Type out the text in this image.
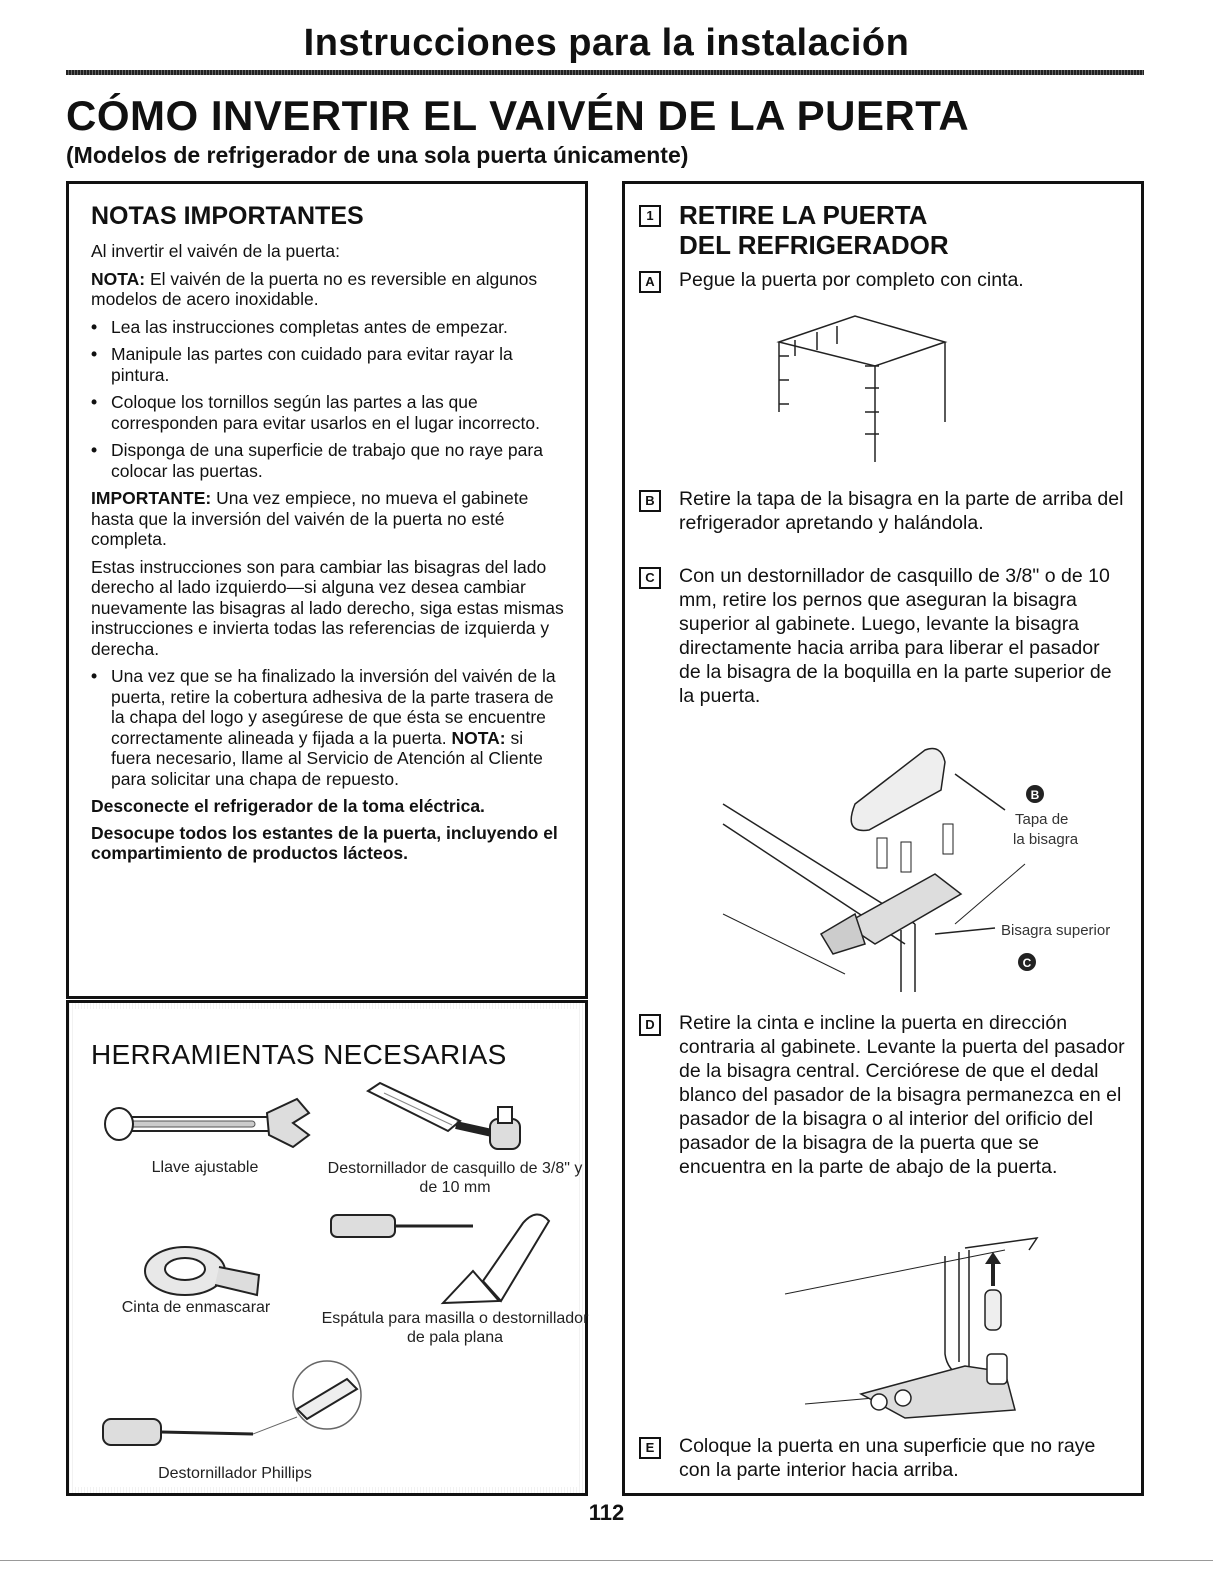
Instrucciones para la instalación
CÓMO INVERTIR EL VAIVÉN DE LA PUERTA
(Modelos de refrigerador de una sola puerta únicamente)
NOTAS IMPORTANTES

Al invertir el vaivén de la puerta:

NOTA: El vaivén de la puerta no es reversible en algunos modelos de acero inoxidable.

• Lea las instrucciones completas antes de empezar.
• Manipule las partes con cuidado para evitar rayar la pintura.
• Coloque los tornillos según las partes a las que corresponden para evitar usarlos en el lugar incorrecto.
• Disponga de una superficie de trabajo que no raye para colocar las puertas.

IMPORTANTE: Una vez empiece, no mueva el gabinete hasta que la inversión del vaivén de la puerta no esté completa.

Estas instrucciones son para cambiar las bisagras del lado derecho al lado izquierdo—si alguna vez desea cambiar nuevamente las bisagras al lado derecho, siga estas mismas instrucciones e invierta todas las referencias de izquierda y derecha.

• Una vez que se ha finalizado la inversión del vaivén de la puerta, retire la cobertura adhesiva de la parte trasera de la chapa del logo y asegúrese de que ésta se encuentre correctamente alineada y fijada a la puerta. NOTA: si fuera necesario, llame al Servicio de Atención al Cliente para solicitar una chapa de repuesto.

Desconecte el refrigerador de la toma eléctrica.

Desocupe todos los estantes de la puerta, incluyendo el compartimiento de productos lácteos.

HERRAMIENTAS NECESARIAS
Llave ajustable	Destornillador de casquillo de 3/8" y de 10 mm
Cinta de enmascarar
Espátula para masilla o destornillador de pala plana
Destornillador Phillips
1 RETIRE LA PUERTA
DEL REFRIGERADOR
A	Pegue la puerta por completo con cinta.
B	Retire la tapa de la bisagra en la parte de arriba del refrigerador apretando y halándola.
C	Con un destornillador de casquillo de 3/8" o de 10 mm, retire los pernos que aseguran la bisagra superior al gabinete. Luego, levante la bisagra directamente hacia arriba para liberar el pasador de la bisagra de la boquilla en la parte superior de la puerta.
B
Tapa de
la bisagra
Bisagra superior
C
D	Retire la cinta e incline la puerta en dirección contraria al gabinete. Levante la puerta del pasador de la bisagra central. Cerciórese de que el dedal blanco del pasador de la bisagra permanezca en el pasador de la bisagra o al interior del orificio del pasador de la bisagra de la puerta que se encuentra en la parte de abajo de la puerta.
E	Coloque la puerta en una superficie que no raye con la parte interior hacia arriba.
112
